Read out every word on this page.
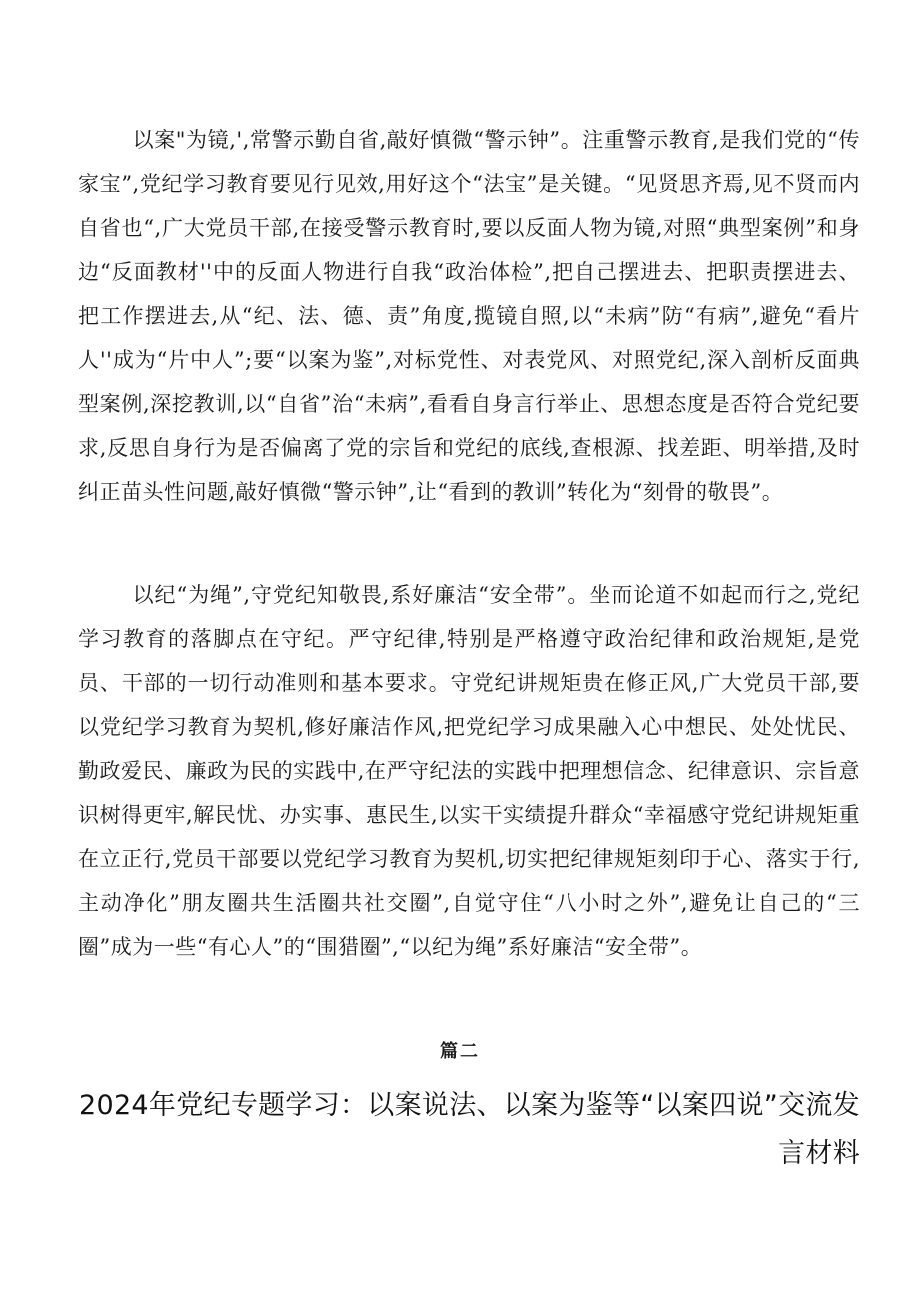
以案"为镜,',常警示勤自省,敲好慎微“警示钟”。注重警示教育,是我们党的“传家宝”,党纪学习教育要见行见效,用好这个“法宝”是关键。“见贤思齐焉,见不贤而内自省也“,广大党员干部,在接受警示教育时,要以反面人物为镜,对照“典型案例”和身边“反面教材''中的反面人物进行自我“政治体检”,把自己摆进去、把职责摆进去、把工作摆进去,从“纪、法、德、责”角度,揽镜自照,以“未病”防“有病”,避免“看片人''成为“片中人”;要“以案为鉴”,对标党性、对表党风、对照党纪,深入剖析反面典型案例,深挖教训,以“自省”治“未病”,看看自身言行举止、思想态度是否符合党纪要求,反思自身行为是否偏离了党的宗旨和党纪的底线,查根源、找差距、明举措,及时纠正苗头性问题,敲好慎微“警示钟”,让“看到的教训”转化为“刻骨的敬畏”。

以纪“为绳”,守党纪知敬畏,系好廉洁“安全带”。坐而论道不如起而行之,党纪学习教育的落脚点在守纪。严守纪律,特别是严格遵守政治纪律和政治规矩,是党员、干部的一切行动准则和基本要求。守党纪讲规矩贵在修正风,广大党员干部,要以党纪学习教育为契机,修好廉洁作风,把党纪学习成果融入心中想民、处处忧民、勤政爱民、廉政为民的实践中,在严守纪法的实践中把理想信念、纪律意识、宗旨意识树得更牢,解民忧、办实事、惠民生,以实干实绩提升群众“幸福感守党纪讲规矩重在立正行,党员干部要以党纪学习教育为契机,切实把纪律规矩刻印于心、落实于行,主动净化”朋友圈共生活圈共社交圈”,自觉守住“八小时之外”,避免让自己的“三圈”成为一些“有心人”的“围猎圈”,“以纪为绳”系好廉洁“安全带”。

篇二

2024年党纪专题学习：以案说法、以案为鉴等“以案四说”交流发言材料
